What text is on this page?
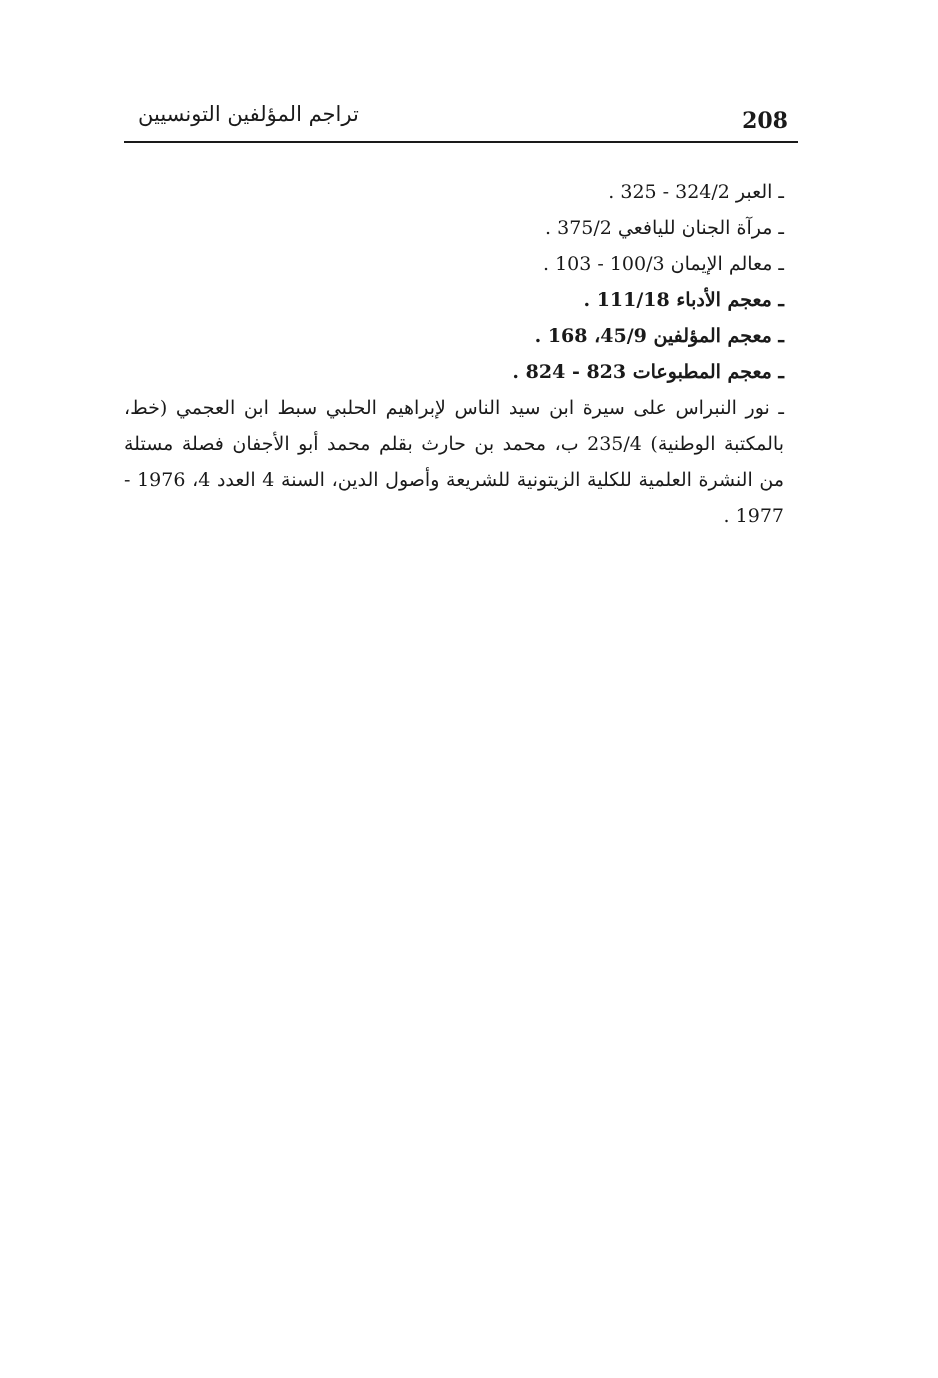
تراجم المؤلفين التونسيين	208
ـ العبر 324/2 - 325 .
ـ مرآة الجنان لليافعي 375/2 .
ـ معالم الإيمان 100/3 - 103 .
ـ معجم الأدباء 111/18 .
ـ معجم المؤلفين 45/9، 168 .
ـ معجم المطبوعات 823 - 824 .
ـ نور النبراس على سيرة ابن سيد الناس لإبراهيم الحلبي سبط ابن العجمي (خط، بالمكتبة الوطنية) 235/4 ب، محمد بن حارث بقلم محمد أبو الأجفان فصلة مستلة من النشرة العلمية للكلية الزيتونية للشريعة وأصول الدين، السنة 4 العدد 4، 1976 - 1977 .
